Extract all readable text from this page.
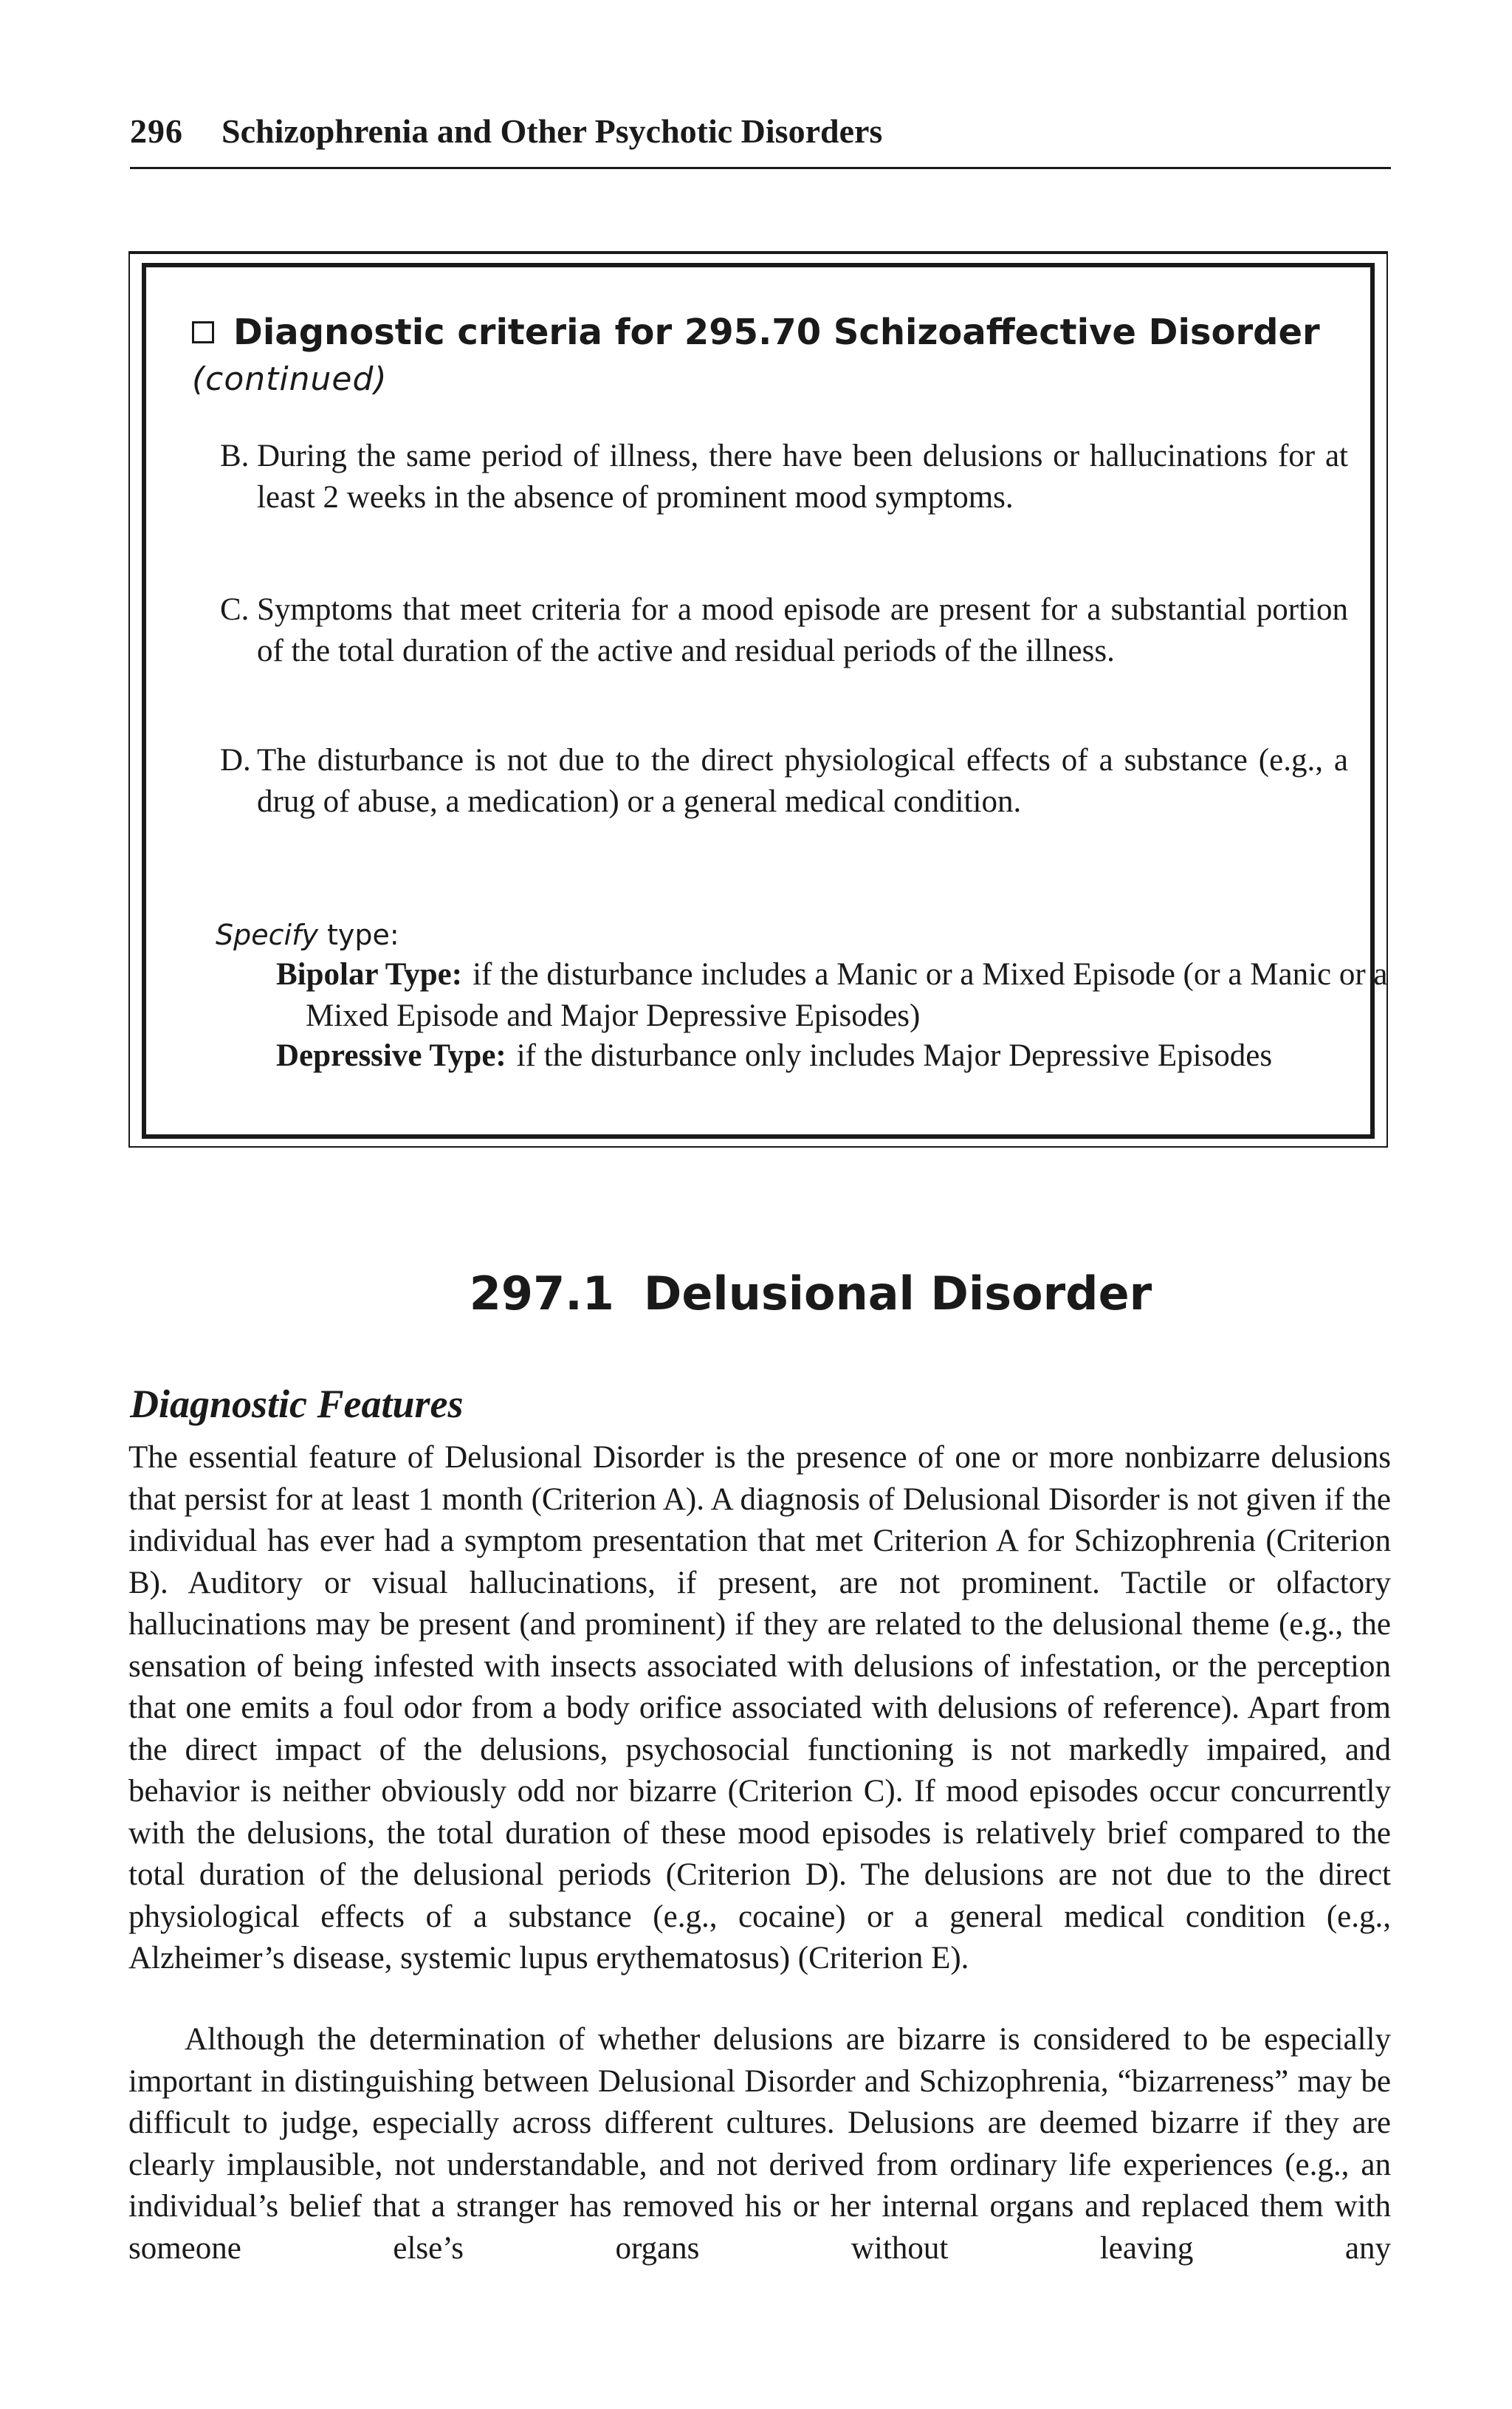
296 Schizophrenia and Other Psychotic Disorders
Diagnostic criteria for 295.70 Schizoaffective Disorder
(continued)
B. During the same period of illness, there have been delusions or hallucinations for at least 2 weeks in the absence of prominent mood symptoms.
C. Symptoms that meet criteria for a mood episode are present for a substantial portion of the total duration of the active and residual periods of the illness.
D. The disturbance is not due to the direct physiological effects of a substance (e.g., a drug of abuse, a medication) or a general medical condition.
Specify type:
Bipolar Type: if the disturbance includes a Manic or a Mixed Episode (or a Manic or a Mixed Episode and Major Depressive Episodes)
Depressive Type: if the disturbance only includes Major Depressive Episodes
297.1 Delusional Disorder
Diagnostic Features

The essential feature of Delusional Disorder is the presence of one or more nonbizarre delusions that persist for at least 1 month (Criterion A). A diagnosis of Delusional Disorder is not given if the individual has ever had a symptom presentation that met Criterion A for Schizophrenia (Criterion B). Auditory or visual hallucinations, if present, are not prominent. Tactile or olfactory hallucinations may be present (and prominent) if they are related to the delusional theme (e.g., the sensation of being infested with insects associated with delusions of infestation, or the perception that one emits a foul odor from a body orifice associated with delusions of reference). Apart from the direct impact of the delusions, psychosocial functioning is not markedly impaired, and behavior is neither obviously odd nor bizarre (Criterion C). If mood episodes occur concurrently with the delusions, the total duration of these mood episodes is relatively brief compared to the total duration of the delusional periods (Criterion D). The delusions are not due to the direct physiological effects of a substance (e.g., cocaine) or a general medical condition (e.g., Alzheimer’s disease, systemic lupus erythematosus) (Criterion E).

Although the determination of whether delusions are bizarre is considered to be especially important in distinguishing between Delusional Disorder and Schizophrenia, “bizarreness” may be difficult to judge, especially across different cultures. Delusions are deemed bizarre if they are clearly implausible, not understandable, and not derived from ordinary life experiences (e.g., an individual’s belief that a stranger has removed his or her internal organs and replaced them with someone else’s organs without leaving any
